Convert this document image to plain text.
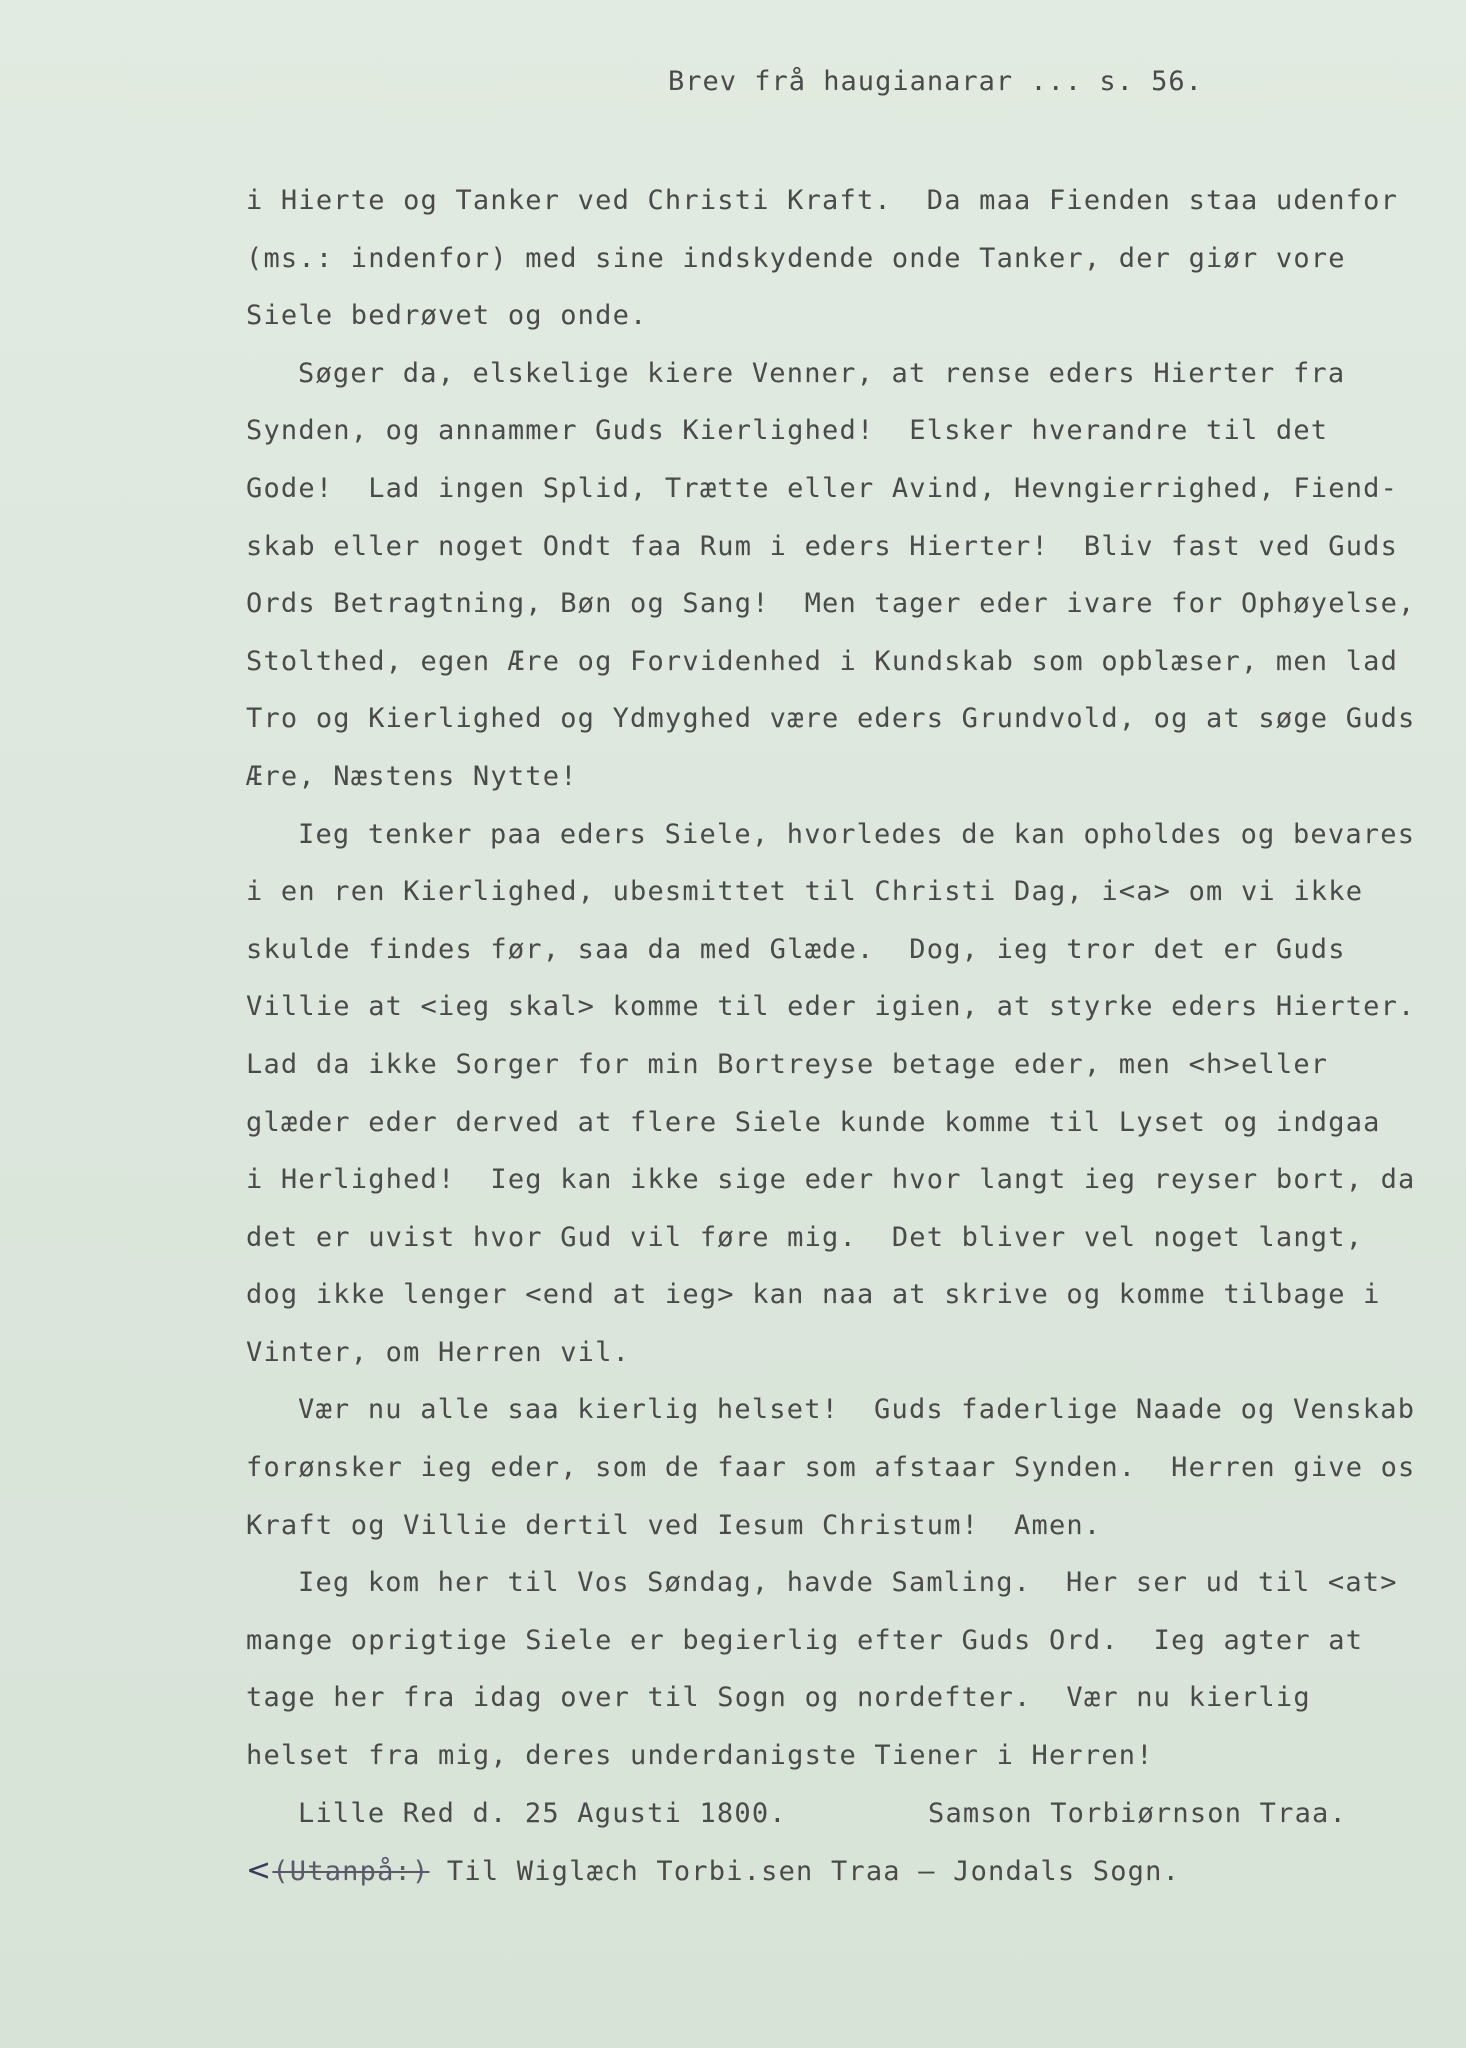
Brev frå haugianarar ... s. 56.
i Hierte og Tanker ved Christi Kraft.  Da maa Fienden staa udenfor
(ms.: indenfor) med sine indskydende onde Tanker, der giør vore
Siele bedrøvet og onde.
Søger da, elskelige kiere Venner, at rense eders Hierter fra
Synden, og annammer Guds Kierlighed!  Elsker hverandre til det
Gode!  Lad ingen Splid, Trætte eller Avind, Hevngierrighed, Fiend-
skab eller noget Ondt faa Rum i eders Hierter!  Bliv fast ved Guds
Ords Betragtning, Bøn og Sang!  Men tager eder ivare for Ophøyelse,
Stolthed, egen Ære og Forvidenhed i Kundskab som opblæser, men lad
Tro og Kierlighed og Ydmyghed være eders Grundvold, og at søge Guds
Ære, Næstens Nytte!
Ieg tenker paa eders Siele, hvorledes de kan opholdes og bevares
i en ren Kierlighed, ubesmittet til Christi Dag, i<a> om vi ikke
skulde findes før, saa da med Glæde.  Dog, ieg tror det er Guds
Villie at <ieg skal> komme til eder igien, at styrke eders Hierter.
Lad da ikke Sorger for min Bortreyse betage eder, men <h>eller
glæder eder derved at flere Siele kunde komme til Lyset og indgaa
i Herlighed!  Ieg kan ikke sige eder hvor langt ieg reyser bort, da
det er uvist hvor Gud vil føre mig.  Det bliver vel noget langt,
dog ikke lenger <end at ieg> kan naa at skrive og komme tilbage i
Vinter, om Herren vil.
Vær nu alle saa kierlig helset!  Guds faderlige Naade og Venskab
forønsker ieg eder, som de faar som afstaar Synden.  Herren give os
Kraft og Villie dertil ved Iesum Christum!  Amen.
Ieg kom her til Vos Søndag, havde Samling.  Her ser ud til <at>
mange oprigtige Siele er begierlig efter Guds Ord.  Ieg agter at
tage her fra idag over til Sogn og nordefter.  Vær nu kierlig
helset fra mig, deres underdanigste Tiener i Herren!
Lille Red d. 25 Agusti 1800.	Samson Torbiørnson Traa.
<(Utanpå:) Til Wiglæch Torbi.sen Traa — Jondals Sogn.
